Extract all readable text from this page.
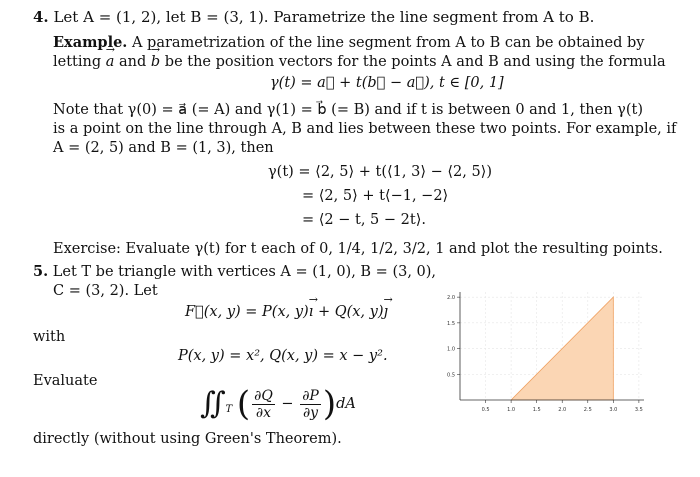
4. Let A = (1, 2), let B = (3, 1). Parametrize the line segment from A to B.
Example. A parametrization of the line segment from A to B can be obtained by
letting → a and → b be the position vectors for the points A and B and using the formula
γ(t) = a⃗ + t(b⃗ − a⃗), t ∈ [0, 1]
Note that γ(0) = a⃗ (= A) and γ(1) = b⃗ (= B) and if t is between 0 and 1, then γ(t)
is a point on the line through A, B and lies between these two points. For example, if
A = (2, 5) and B = (1, 3), then
γ(t) = ⟨2, 5⟩ + t(⟨1, 3⟩ − ⟨2, 5⟩)
= ⟨2, 5⟩ + t⟨−1, −2⟩
= ⟨2 − t, 5 − 2t⟩.
Exercise: Evaluate γ(t) for t each of 0, 1/4, 1/2, 3/2, 1 and plot the resulting points.
5. Let T be triangle with vertices A = (1, 0), B = (3, 0),
C = (3, 2). Let
F⃗(x, y) = P(x, y)→ ı + Q(x, y)→ ȷ
with
P(x, y) = x², Q(x, y) = x − y².
Evaluate
$∬_T$ ( $\frac{\partial Q}{\partial x} - \frac{\partial P}{\partial y} )dA$
directly (without using Green's Theorem).
0.5	1.0	1.5	2.0	2.5	3.0	3.5
0.5
1.0
1.5
2.0
